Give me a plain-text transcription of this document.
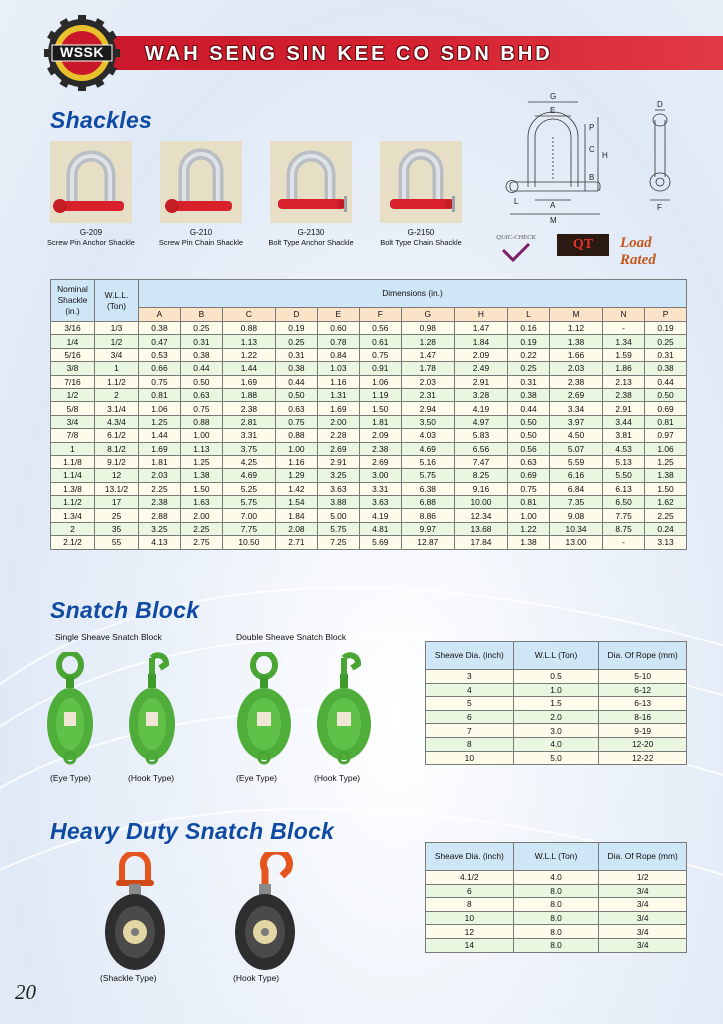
WAH SENG SIN KEE CO SDN BHD
WSSK
Shackles
G-209
Screw Pin Anchor Shackle
G-210
Screw Pin Chain Shackle
G-2130
Bolt Type Anchor Shackle
G-2150
Bolt Type Chain Shackle
G
E
P
C
H
B
L	A
M
D
F
QUIC-CHECK	QT	Load Rated
Nominal Shackle (in.)	W.L.L. (Ton)	Dimensions (in.)											
		A	B	C	D	E	F	G	H	L	M	N	P
3/16	1/3	0.38	0.25	0.88	0.19	0.60	0.56	0.98	1.47	0.16	1.12	-	0.19
1/4	1/2	0.47	0.31	1.13	0.25	0.78	0.61	1.28	1.84	0.19	1.38	1.34	0.25
5/16	3/4	0.53	0.38	1.22	0.31	0.84	0.75	1.47	2.09	0.22	1.66	1.59	0.31
3/8	1	0.66	0.44	1.44	0.38	1.03	0.91	1.78	2.49	0.25	2.03	1.86	0.38
7/16	1.1/2	0.75	0.50	1.69	0.44	1.16	1.06	2.03	2.91	0.31	2.38	2.13	0.44
1/2	2	0.81	0.63	1.88	0.50	1.31	1.19	2.31	3.28	0.38	2.69	2.38	0.50
5/8	3.1/4	1.06	0.75	2.38	0.63	1.69	1.50	2.94	4.19	0.44	3.34	2.91	0.69
3/4	4.3/4	1.25	0.88	2.81	0.75	2.00	1.81	3.50	4.97	0.50	3.97	3.44	0.81
7/8	6.1/2	1.44	1.00	3.31	0.88	2.28	2.09	4.03	5.83	0.50	4.50	3.81	0.97
1	8.1/2	1.69	1.13	3.75	1.00	2.69	2.38	4.69	6.56	0.56	5.07	4.53	1.06
1.1/8	9.1/2	1.81	1.25	4.25	1.16	2.91	2.69	5.16	7.47	0.63	5.59	5.13	1.25
1.1/4	12	2.03	1.38	4.69	1.29	3.25	3.00	5.75	8.25	0.69	6.16	5.50	1.38
1.3/8	13.1/2	2.25	1.50	5.25	1.42	3.63	3.31	6.38	9.16	0.75	6.84	6.13	1.50
1.1/2	17	2.38	1.63	5.75	1.54	3.88	3.63	6.88	10.00	0.81	7.35	6.50	1.62
1.3/4	25	2.88	2.00	7.00	1.84	5.00	4.19	8.86	12.34	1.00	9.08	7.75	2.25
2	35	3.25	2.25	7.75	2.08	5.75	4.81	9.97	13.68	1.22	10.34	8.75	0.24
2.1/2	55	4.13	2.75	10.50	2.71	7.25	5.69	12.87	17.84	1.38	13.00	-	3.13
Snatch Block
Single Sheave Snatch Block	Double Sheave Snatch Block
(Eye Type)	(Hook Type)	(Eye Type)	(Hook Type)
Sheave Dia. (inch)	W.L.L (Ton)	Dia. Of Rope (mm)
3	0.5	5-10
4	1.0	6-12
5	1.5	6-13
6	2.0	8-16
7	3.0	9-19
8	4.0	12-20
10	5.0	12-22
Heavy Duty Snatch Block
(Shackle Type)	(Hook Type)
Sheave Dia. (inch)	W.L.L (Ton)	Dia. Of Rope (mm)
4.1/2	4.0	1/2
6	8.0	3/4
8	8.0	3/4
10	8.0	3/4
12	8.0	3/4
14	8.0	3/4
20
